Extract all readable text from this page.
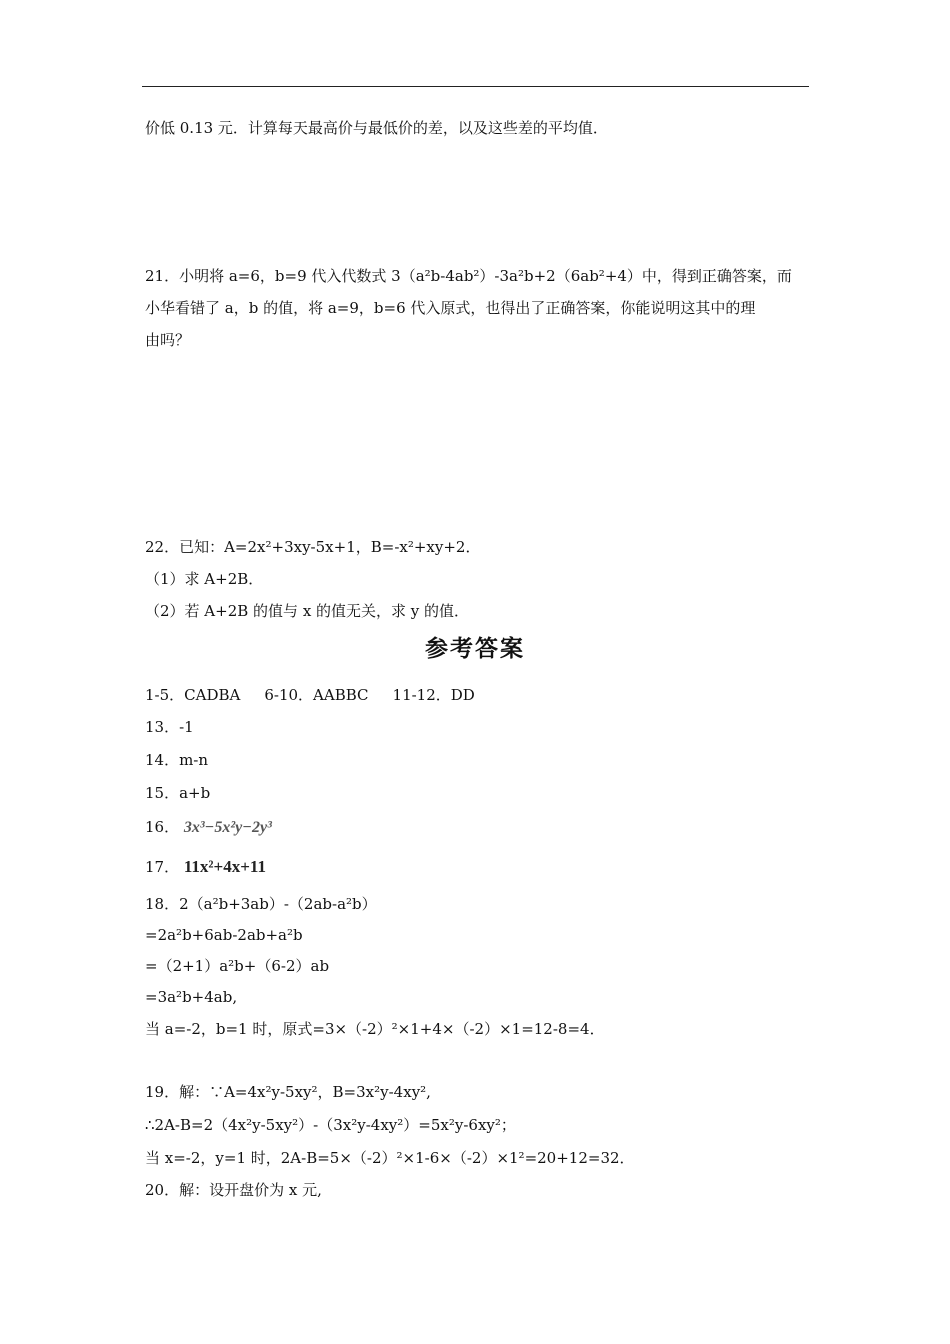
价低 0.13 元．计算每天最高价与最低价的差，以及这些差的平均值．
21．小明将 a=6，b=9 代入代数式 3（a²b-4ab²）-3a²b+2（6ab²+4）中，得到正确答案，而
小华看错了 a，b 的值，将 a=9，b=6 代入原式，也得出了正确答案，你能说明这其中的理
由吗？
22．已知：A=2x²+3xy-5x+1，B=-x²+xy+2．
（1）求 A+2B．
（2）若 A+2B 的值与 x 的值无关，求 y 的值．
参考答案
1-5．CADBA 6-10．AABBC 11-12．DD
13．-1
14．m-n
15．a+b
16． 3x³−5x²y−2y³
17． 11x²+4x+11
18．2（a²b+3ab）-（2ab-a²b）
=2a²b+6ab-2ab+a²b
=（2+1）a²b+（6-2）ab
=3a²b+4ab,
当 a=-2，b=1 时，原式=3×（-2）²×1+4×（-2）×1=12-8=4．
19．解：∵A=4x²y-5xy²，B=3x²y-4xy²,
∴2A-B=2（4x²y-5xy²）-（3x²y-4xy²）=5x²y-6xy²；
当 x=-2，y=1 时，2A-B=5×（-2）²×1-6×（-2）×1²=20+12=32．
20．解：设开盘价为 x 元,
